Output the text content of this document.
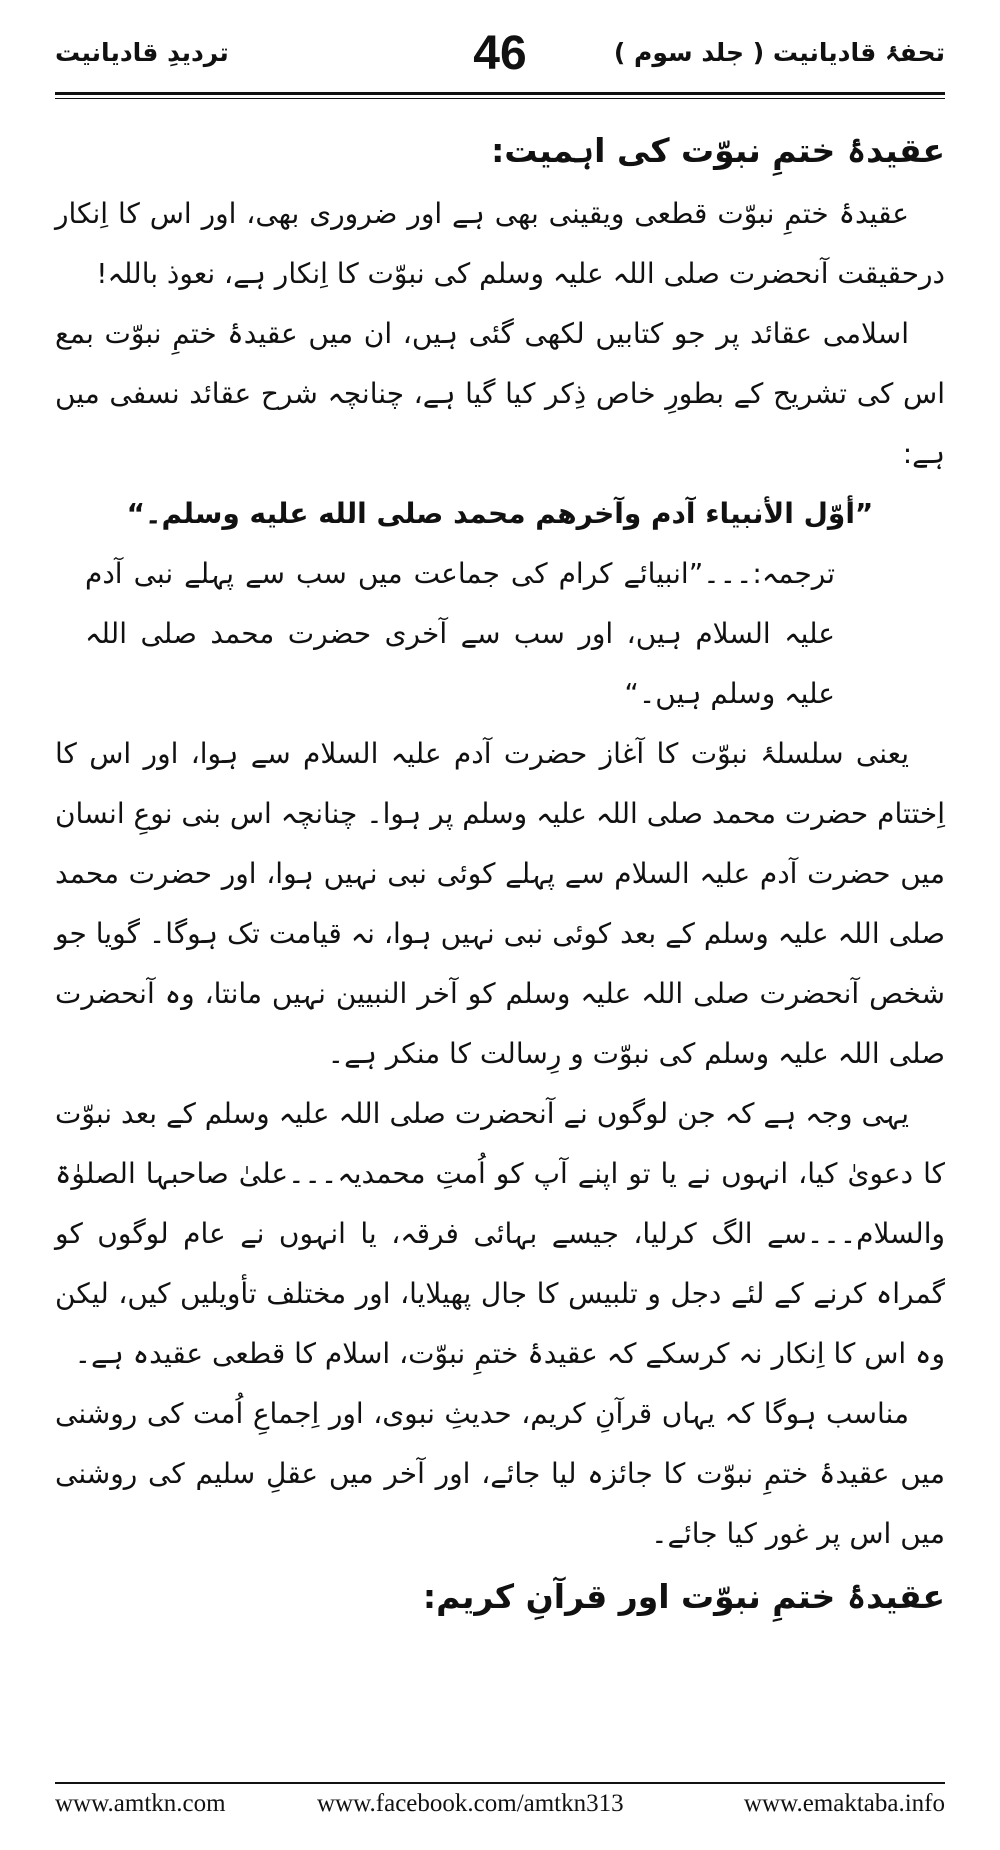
تحفۂ قادیانیت ( جلد سوم )
46
تردیدِ قادیانیت

عقیدۂ ختمِ نبوّت کی اہمیت:

عقیدۂ ختمِ نبوّت قطعی ویقینی بھی ہے اور ضروری بھی، اور اس کا اِنکار درحقیقت آنحضرت صلی اللہ علیہ وسلم کی نبوّت کا اِنکار ہے، نعوذ باللہ!

اسلامی عقائد پر جو کتابیں لکھی گئی ہیں، ان میں عقیدۂ ختمِ نبوّت بمع اس کی تشریح کے بطورِ خاص ذِکر کیا گیا ہے، چنانچہ شرح عقائد نسفی میں ہے:

”أوّل الأنبياء آدم وآخرهم محمد صلى الله عليه وسلم۔“

ترجمہ:۔۔۔”انبیائے کرام کی جماعت میں سب سے پہلے نبی آدم علیہ السلام ہیں، اور سب سے آخری حضرت محمد صلی اللہ علیہ وسلم ہیں۔“

یعنی سلسلۂ نبوّت کا آغاز حضرت آدم علیہ السلام سے ہوا، اور اس کا اِختتام حضرت محمد صلی اللہ علیہ وسلم پر ہوا۔ چنانچہ اس بنی نوعِ انسان میں حضرت آدم علیہ السلام سے پہلے کوئی نبی نہیں ہوا، اور حضرت محمد صلی اللہ علیہ وسلم کے بعد کوئی نبی نہیں ہوا، نہ قیامت تک ہوگا۔ گویا جو شخص آنحضرت صلی اللہ علیہ وسلم کو آخر النبیین نہیں مانتا، وہ آنحضرت صلی اللہ علیہ وسلم کی نبوّت و رِسالت کا منکر ہے۔

یہی وجہ ہے کہ جن لوگوں نے آنحضرت صلی اللہ علیہ وسلم کے بعد نبوّت کا دعویٰ کیا، انہوں نے یا تو اپنے آپ کو اُمتِ محمدیہ۔۔۔علیٰ صاحبہا الصلوٰۃ والسلام۔۔۔سے الگ کرلیا، جیسے بہائی فرقہ، یا انہوں نے عام لوگوں کو گمراہ کرنے کے لئے دجل و تلبیس کا جال پھیلایا، اور مختلف تأویلیں کیں، لیکن وہ اس کا اِنکار نہ کرسکے کہ عقیدۂ ختمِ نبوّت، اسلام کا قطعی عقیدہ ہے۔

مناسب ہوگا کہ یہاں قرآنِ کریم، حدیثِ نبوی، اور اِجماعِ اُمت کی روشنی میں عقیدۂ ختمِ نبوّت کا جائزہ لیا جائے، اور آخر میں عقلِ سلیم کی روشنی میں اس پر غور کیا جائے۔

عقیدۂ ختمِ نبوّت اور قرآنِ کریم:

www.amtkn.com	www.facebook.com/amtkn313	www.emaktaba.info
